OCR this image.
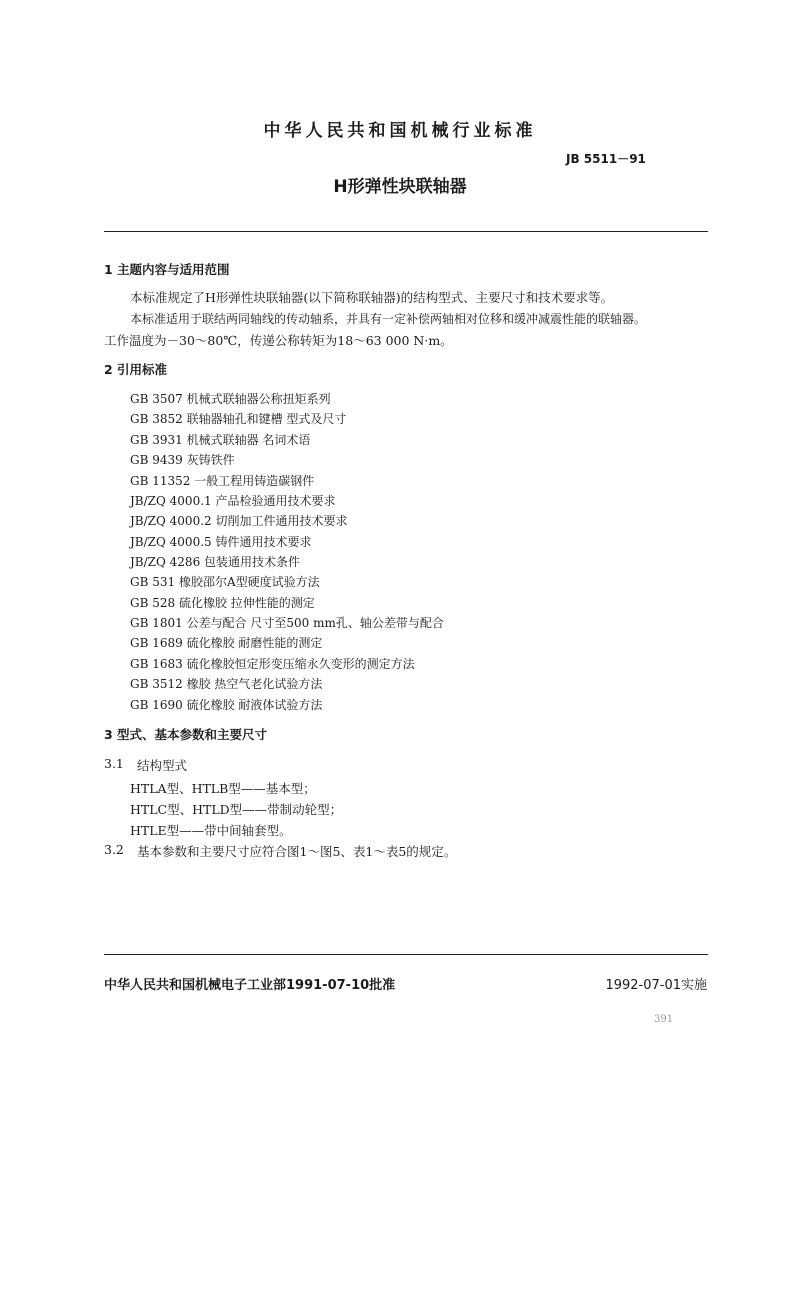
中华人民共和国机械行业标准
JB 5511－91
H形弹性块联轴器
1 主题内容与适用范围
本标准规定了H形弹性块联轴器(以下简称联轴器)的结构型式、主要尺寸和技术要求等。
本标准适用于联结两同轴线的传动轴系，并具有一定补偿两轴相对位移和缓冲减震性能的联轴器。
工作温度为－30～80℃，传递公称转矩为18～63 000 N·m。
2 引用标准
GB 3507 机械式联轴器公称扭矩系列
GB 3852 联轴器轴孔和键槽 型式及尺寸
GB 3931 机械式联轴器 名词术语
GB 9439 灰铸铁件
GB 11352 一般工程用铸造碳钢件
JB/ZQ 4000.1 产品检验通用技术要求
JB/ZQ 4000.2 切削加工件通用技术要求
JB/ZQ 4000.5 铸件通用技术要求
JB/ZQ 4286 包装通用技术条件
GB 531 橡胶邵尔A型硬度试验方法
GB 528 硫化橡胶 拉伸性能的测定
GB 1801 公差与配合 尺寸至500 mm孔、轴公差带与配合
GB 1689 硫化橡胶 耐磨性能的测定
GB 1683 硫化橡胶恒定形变压缩永久变形的测定方法
GB 3512 橡胶 热空气老化试验方法
GB 1690 硫化橡胶 耐液体试验方法
3 型式、基本参数和主要尺寸
3.1 结构型式
HTLA型、HTLB型——基本型；
HTLC型、HTLD型——带制动轮型；
HTLE型——带中间轴套型。
3.2 基本参数和主要尺寸应符合图1～图5、表1～表5的规定。
中华人民共和国机械电子工业部1991-07-10批准	1992-07-01实施
391
